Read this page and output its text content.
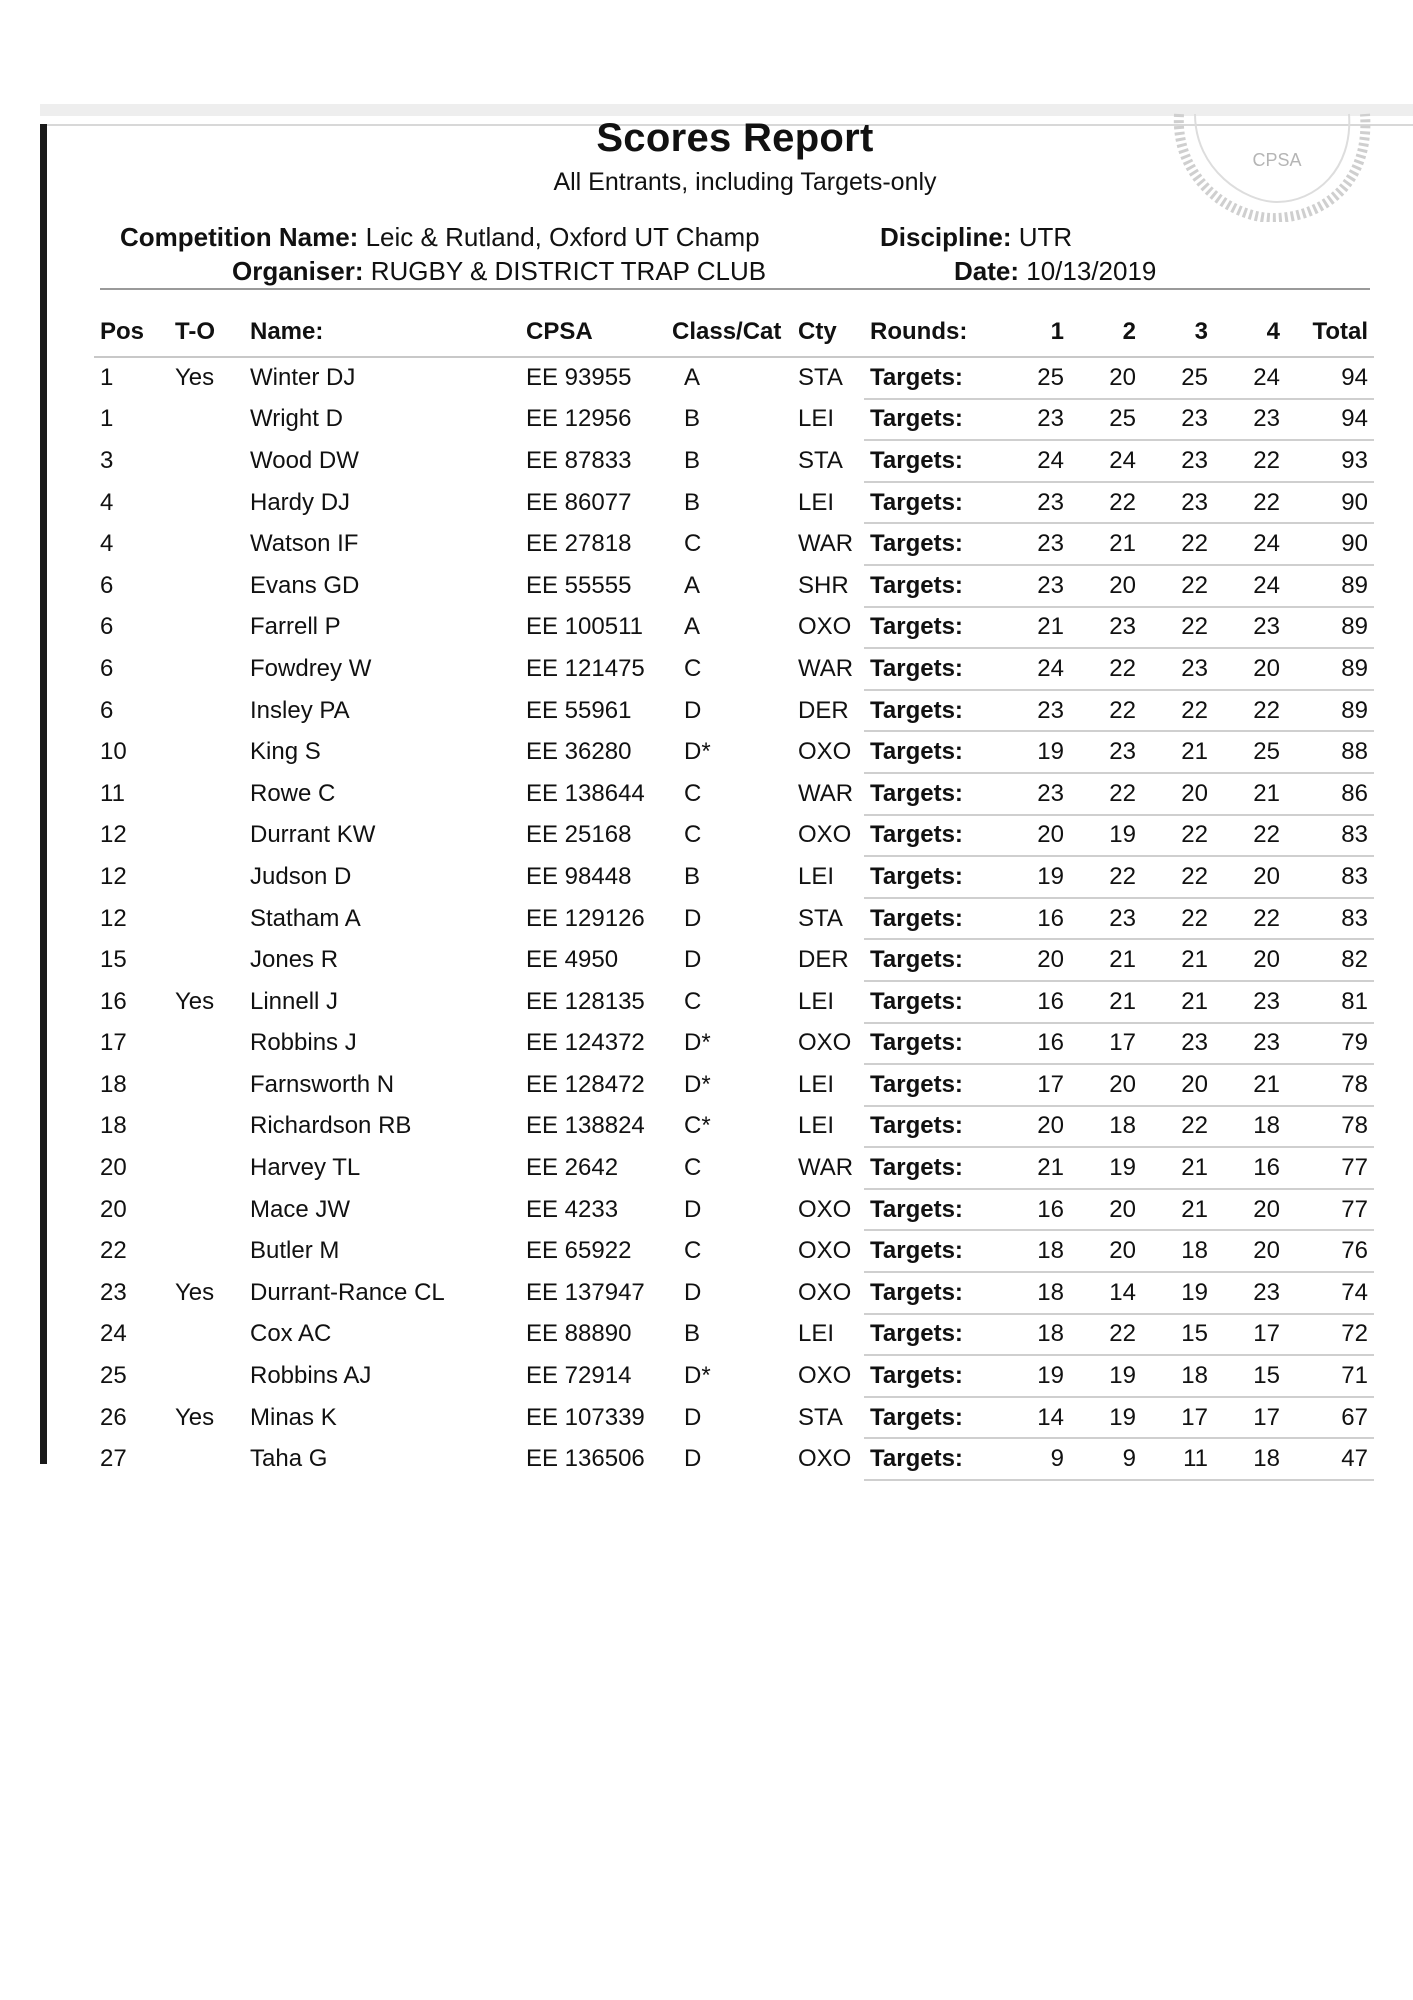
Scores Report
All Entrants, including Targets-only
CPSA
Competition Name: Leic & Rutland, Oxford UT Champ
Organiser: RUGBY & DISTRICT TRAP CLUB
Discipline: UTR
Date: 10/13/2019
Pos	T-O	Name:	CPSA	Class/Cat	Cty	Rounds:	1	2	3	4	Total
1	Yes	Winter DJ	EE 93955	A	STA	Targets:	25	20	25	24	94
1		Wright D	EE 12956	B	LEI	Targets:	23	25	23	23	94
3		Wood DW	EE 87833	B	STA	Targets:	24	24	23	22	93
4		Hardy DJ	EE 86077	B	LEI	Targets:	23	22	23	22	90
4		Watson IF	EE 27818	C	WAR	Targets:	23	21	22	24	90
6		Evans GD	EE 55555	A	SHR	Targets:	23	20	22	24	89
6		Farrell P	EE 100511	A	OXO	Targets:	21	23	22	23	89
6		Fowdrey W	EE 121475	C	WAR	Targets:	24	22	23	20	89
6		Insley PA	EE 55961	D	DER	Targets:	23	22	22	22	89
10		King S	EE 36280	D*	OXO	Targets:	19	23	21	25	88
11		Rowe C	EE 138644	C	WAR	Targets:	23	22	20	21	86
12		Durrant KW	EE 25168	C	OXO	Targets:	20	19	22	22	83
12		Judson D	EE 98448	B	LEI	Targets:	19	22	22	20	83
12		Statham A	EE 129126	D	STA	Targets:	16	23	22	22	83
15		Jones R	EE 4950	D	DER	Targets:	20	21	21	20	82
16	Yes	Linnell J	EE 128135	C	LEI	Targets:	16	21	21	23	81
17		Robbins J	EE 124372	D*	OXO	Targets:	16	17	23	23	79
18		Farnsworth N	EE 128472	D*	LEI	Targets:	17	20	20	21	78
18		Richardson RB	EE 138824	C*	LEI	Targets:	20	18	22	18	78
20		Harvey TL	EE 2642	C	WAR	Targets:	21	19	21	16	77
20		Mace JW	EE 4233	D	OXO	Targets:	16	20	21	20	77
22		Butler M	EE 65922	C	OXO	Targets:	18	20	18	20	76
23	Yes	Durrant-Rance CL	EE 137947	D	OXO	Targets:	18	14	19	23	74
24		Cox AC	EE 88890	B	LEI	Targets:	18	22	15	17	72
25		Robbins AJ	EE 72914	D*	OXO	Targets:	19	19	18	15	71
26	Yes	Minas K	EE 107339	D	STA	Targets:	14	19	17	17	67
27		Taha G	EE 136506	D	OXO	Targets:	9	9	11	18	47
